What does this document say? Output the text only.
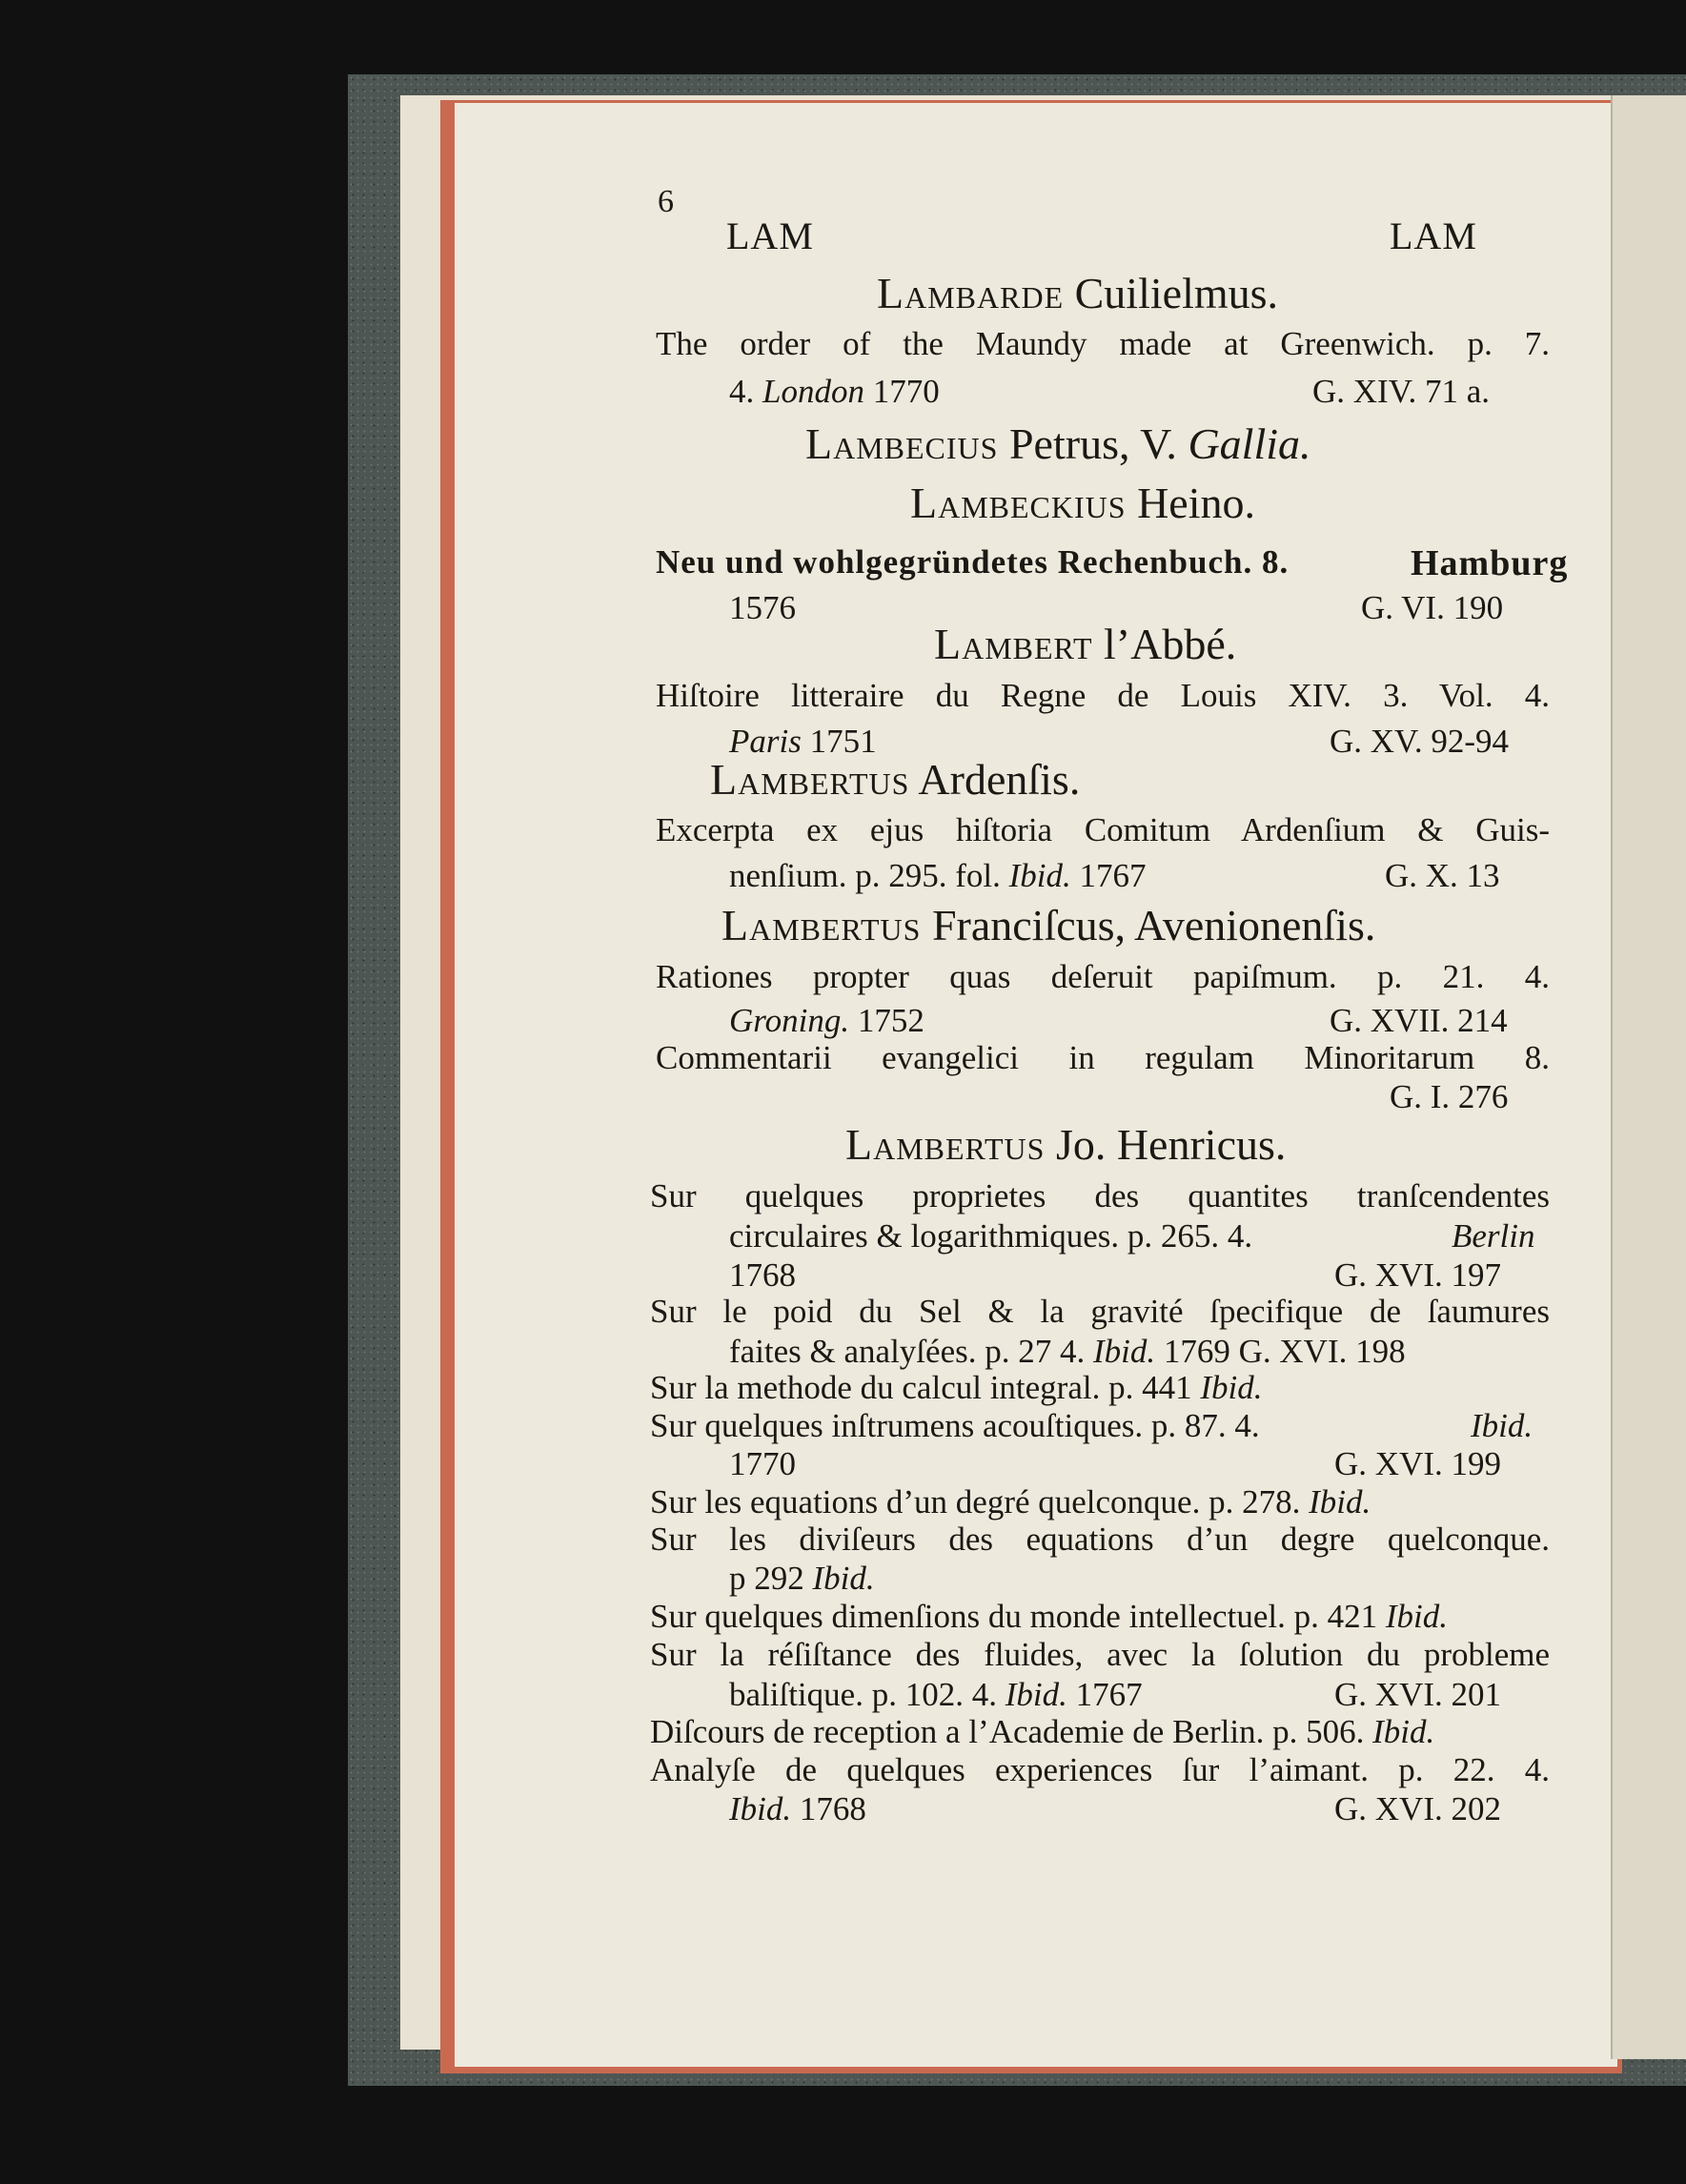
6
LAM	LAM
Lambarde Cuilielmus.
The order of the Maundy made at Greenwich. p. 7.
4. London 1770	G. XIV. 71 a.
Lambecius Petrus, V. Gallia.
Lambeckius Heino.
Neu und wohlgegründetes Rechenbuch. 8.	Hamburg
1576	G. VI. 190
Lambert l’Abbé.
Hiſtoire litteraire du Regne de Louis XIV. 3. Vol. 4.
Paris 1751	G. XV. 92-94
Lambertus Ardenſis.
Excerpta ex ejus hiſtoria Comitum Ardenſium & Guis-
nenſium. p. 295. fol. Ibid. 1767	G. X. 13
Lambertus Franciſcus, Avenionenſis.
Rationes propter quas deſeruit papiſmum. p. 21. 4.
Groning. 1752	G. XVII. 214
Commentarii evangelici in regulam Minoritarum 8.
G. I. 276
Lambertus Jo. Henricus.
Sur quelques proprietes des quantites tranſcendentes
circulaires & logarithmiques. p. 265. 4.	Berlin
1768	G. XVI. 197
Sur le poid du Sel & la gravité ſpecifique de ſaumures
faites & analyſées. p. 27 4. Ibid. 1769 G. XVI. 198
Sur la methode du calcul integral. p. 441 Ibid.
Sur quelques inſtrumens acouſtiques. p. 87. 4.	Ibid.
1770	G. XVI. 199
Sur les equations d’un degré quelconque. p. 278. Ibid.
Sur les diviſeurs des equations d’un degre quelconque.
p 292 Ibid.
Sur quelques dimenſions du monde intellectuel. p. 421 Ibid.
Sur la réſiſtance des fluides, avec la ſolution du probleme
baliſtique. p. 102. 4. Ibid. 1767	G. XVI. 201
Diſcours de reception a l’Academie de Berlin. p. 506. Ibid.
Analyſe de quelques experiences ſur l’aimant. p. 22. 4.
Ibid. 1768	G. XVI. 202
